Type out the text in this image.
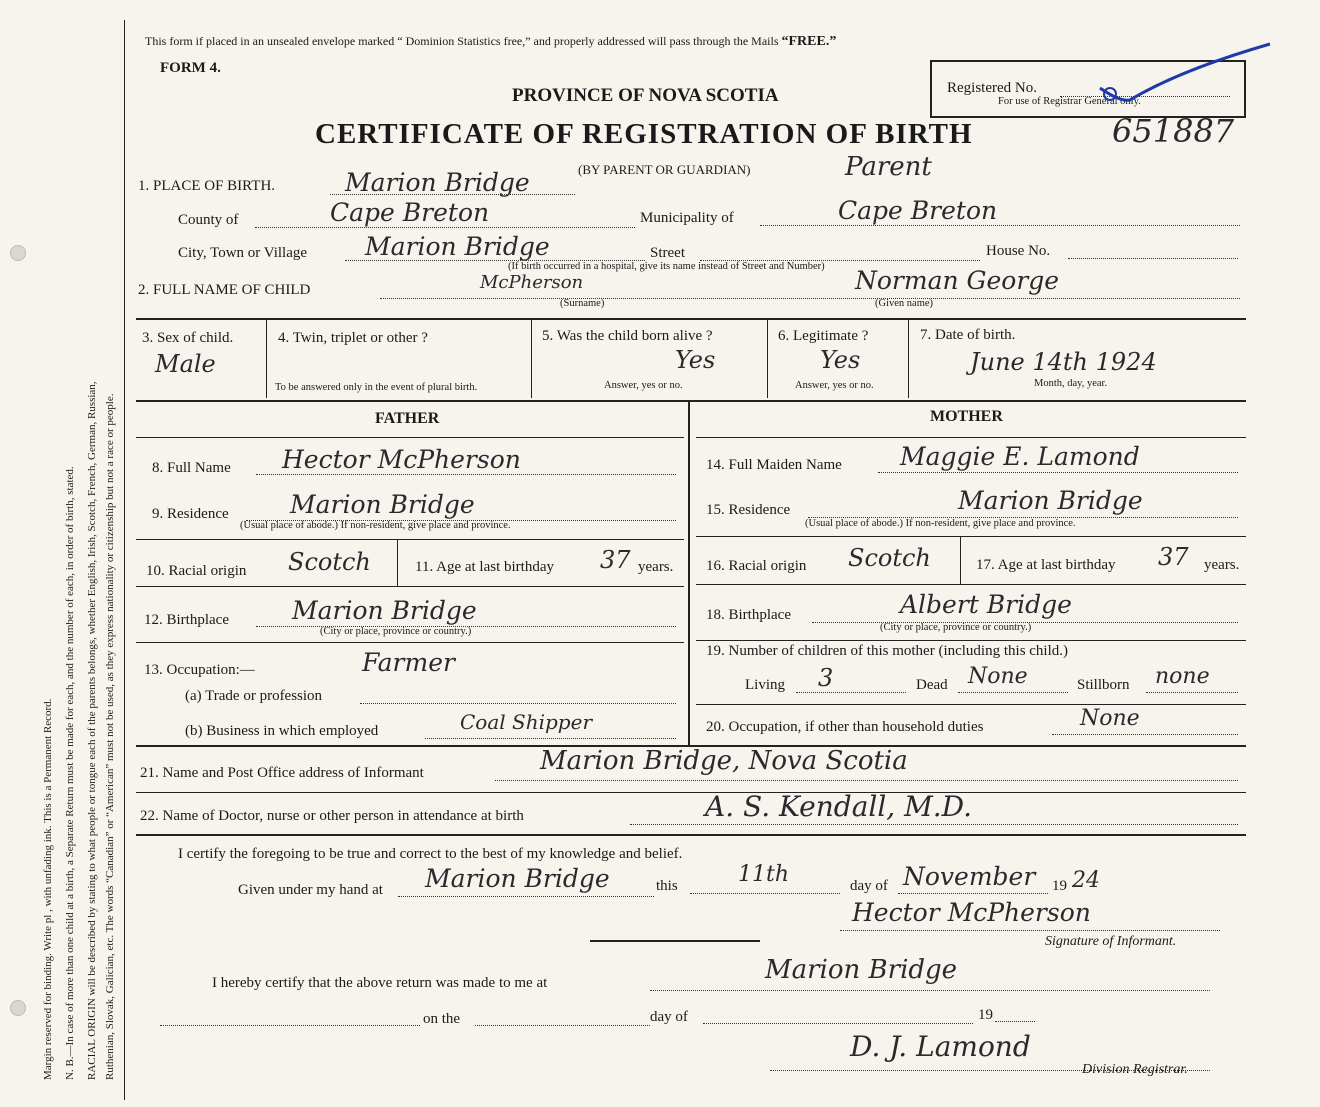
Margin reserved for binding. Write pl , with unfading ink. This is a Permanent Record. N. B.—In case of more than one child at a birth, a Separate Return must be made for each, and the number of each, in order of birth, stated. RACIAL ORIGIN will be described by stating to what people or tongue each of the parents belongs, whether English, Irish, Scotch, French, German, Russian, Ruthenian, Slovak, Galician, etc. The words “Canadian” or “American” must not be used, as they express nationality or citizenship but not a race or people.
This form if placed in an unsealed envelope marked “ Dominion Statistics free,” and properly addressed will pass through the Mails “FREE.”
FORM 4.
PROVINCE OF NOVA SCOTIA
CERTIFICATE OF REGISTRATION OF BIRTH
(BY PARENT OR GUARDIAN)
Registered No.
For use of Registrar General only.
651887
Parent
1. PLACE OF BIRTH.	Marion Bridge
County of	Cape Breton	Municipality of	Cape Breton
City, Town or Village Marion Bridge	Street	House No.
(If birth occurred in a hospital, give its name instead of Street and Number)
2. FULL NAME OF CHILD	McPherson	Norman George
(Surname)	(Given name)
3. Sex of child.
Male
4. Twin, triplet or other ?
To be answered only in the event of plural birth.
5. Was the child born alive ?
Yes
Answer, yes or no.
6. Legitimate ?
Yes
Answer, yes or no.
7. Date of birth.
June 14th 1924
Month, day, year.
FATHER
8. Full Name Hector McPherson
9. Residence Marion Bridge
(Usual place of abode.) If non-resident, give place and province.
10. Racial origin Scotch	11. Age at last birthday 37 years.
12. Birthplace	Marion Bridge
(City or place, province or country.)
13. Occupation:—	Farmer
(a) Trade or profession
(b) Business in which employed	Coal Shipper
MOTHER
14. Full Maiden Name Maggie E. Lamond
15. Residence	Marion Bridge
(Usual place of abode.) If non-resident, give place and province.
16. Racial origin Scotch	17. Age at last birthday 37 years.
18. Birthplace	Albert Bridge
(City or place, province or country.)
19. Number of children of this mother (including this child.)
Living 3	Dead None	Stillborn none
20. Occupation, if other than household duties	None
21. Name and Post Office address of Informant	Marion Bridge, Nova Scotia
22. Name of Doctor, nurse or other person in attendance at birth	A. S. Kendall, M.D.
I certify the foregoing to be true and correct to the best of my knowledge and belief.
Given under my hand at Marion Bridge	this	11th	day of November 19 24
Hector McPherson
Signature of Informant.
I hereby certify that the above return was made to me at	Marion Bridge
on the	day of	19
D. J. Lamond
Division Registrar.
